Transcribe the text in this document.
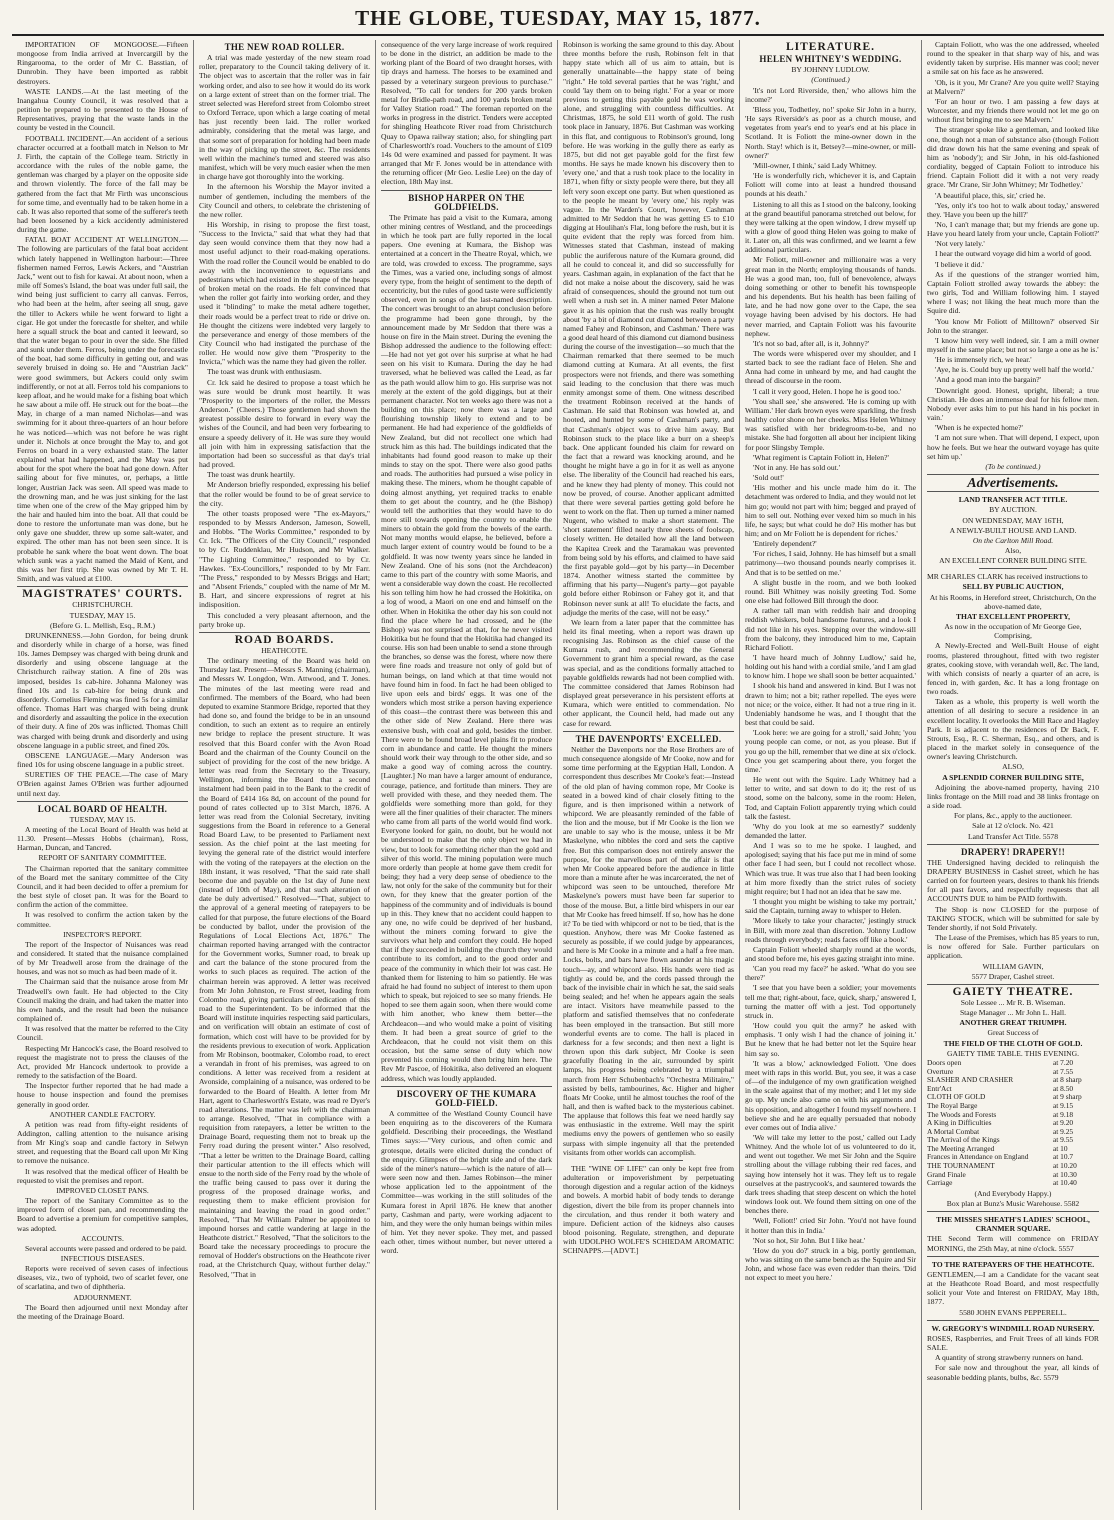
THE GLOBE, TUESDAY, MAY 15, 1877.

IMPORTATION OF MONGOOSE.—Fifteen mongoose from India arrived at Invercargill by the Ringarooma, to the order of Mr C. Basstian, of Dunrobin. They have been imported as rabbit destroyers.

WASTE LANDS.—At the last meeting of the Inangahua County Council, it was resolved that a petition be prepared to be presented to the House of Representatives, praying that the waste lands in the county be vested in the Council.

FOOTBALL INCIDENT.—An accident of a serious character occurred at a football match in Nelson to Mr J. Firth, the captain of the College team. Strictly in accordance with the rules of the noble game, the gentleman was charged by a player on the opposite side and thrown violently. The force of the fall may be gathered from the fact that Mr Firth was unconscious for some time, and eventually had to be taken home in a cab. It was also reported that some of the sufferer's teeth had been loosened by a kick accidently administered during the game.

FATAL BOAT ACCIDENT AT WELLINGTON.—The following are particulars of the fatal boat accident which lately happened in Wellington harbour:—Three fishermen named Ferros, Lewis Ackers, and "Austrian Jack," went out to fish for kawai. At about noon, when a mile off Somes's Island, the boat was under full sail, the wind being just sufficient to carry all canvas. Ferros, who had been at the helm, after seeing all snug, gave the tiller to Ackers while he went forward to light a cigar. He got under the forecastle for shelter, and while here a squall struck the boat and canted it leeward, so that the water began to pour in over the side. She filled and sunk under them. Ferros, being under the forecastle of the boat, had some difficulty in getting out, and was severely bruised in doing so. He and "Austrian Jack" were good swimmers, but Ackers could only swim indifferently, or not at all. Ferros told his companions to keep afloat, and he would make for a fishing boat which he saw about a mile off. He struck out for the boat—the May, in charge of a man named Nicholas—and was swimming for it about three-quarters of an hour before he was noticed—which was not before he was right under it. Nichols at once brought the May to, and got Ferros on board in a very exhausted state. The latter explained what had happened, and the May was put about for the spot where the boat had gone down. After sailing about for five minutes, or, perhaps, a little longer, Austrian Jack was seen. All speed was made to the drowning man, and he was just sinking for the last time when one of the crew of the May gripped him by the hair and hauled him into the boat. All that could be done to restore the unfortunate man was done, but he only gave one shudder, threw up some salt-water, and expired. The other man has not been seen since. It is probable he sank where the boat went down. The boat which sunk was a yacht named the Maid of Kent, and this was her first trip. She was owned by Mr T. H. Smith, and was valued at £100.

MAGISTRATES' COURTS.
CHRISTCHURCH.
TUESDAY, MAY 15.
(Before G. L. Mellish, Esq., R.M.)

DRUNKENNESS.—John Gordon, for being drunk and disorderly while in charge of a horse, was fined 10s. James Dempsey was charged with being drunk and disorderly and using obscene language at the Christchurch railway station. A fine of 20s was imposed, besides 1s cab-hire. Johanna Maloney was fined 10s and 1s cab-hire for being drunk and disorderly. Cornelius Fleming was fined 5s for a similar offence. Thomas Hart was charged with being drunk and disorderly and assaulting the police in the execution of their duty. A fine of 20s was inflicted. Thomas Chill was charged with being drunk and disorderly and using obscene language in a public street, and fined 20s.

OBSCENE LANGUAGE.—Mary Anderson was fined 10s for using obscene language in a public street.

SURETIES OF THE PEACE.—The case of Mary O'Brien against James O'Brien was further adjourned until next day.

LOCAL BOARD OF HEALTH.
TUESDAY, MAY 15.

A meeting of the Local Board of Health was held at 11.30. Present—Messrs Hobbs (chairman), Ross, Harman, Duncan, and Tancred.

REPORT OF SANITARY COMMITTEE.

The Chairman reported that the sanitary committee of the Board met the sanitary committee of the City Council, and it had been decided to offer a premium for the best style of closet pan. It was for the Board to confirm the action of the committee.

It was resolved to confirm the action taken by the committee.

INSPECTOR'S REPORT.

The report of the Inspector of Nuisances was read and considered. It stated that the nuisance complained of by Mr Treadwell arose from the drainage of the houses, and was not so much as had been made of it.

The Chairman said that the nuisance arose from Mr Treadwell's own fault. He had objected to the City Council making the drain, and had taken the matter into his own hands, and the result had been the nuisance complained of.

It was resolved that the matter be referred to the City Council.

Respecting Mr Hancock's case, the Board resolved to request the magistrate not to press the clauses of the Act, provided Mr Hancock undertook to provide a remedy to the satisfaction of the Board.

The Inspector further reported that he had made a house to house inspection and found the premises generally in good order.

ANOTHER CANDLE FACTORY.

A petition was read from fifty-eight residents of Addington, calling attention to the nuisance arising from Mr King's soap and candle factory in Selwyn street, and requesting that the Board call upon Mr King to remove the nuisance.

It was resolved that the medical officer of Health be requested to visit the premises and report.

IMPROVED CLOSET PANS.

The report of the Sanitary Committee as to the improved form of closet pan, and recommending the Board to advertise a premium for competitive samples, was adopted.

ACCOUNTS.

Several accounts were passed and ordered to be paid.

INFECTIOUS DISEASES.

Reports were received of seven cases of infectious diseases, viz., two of typhoid, two of scarlet fever, one of scarlatina, and two of diphtheria.

ADJOURNMENT.

The Board then adjourned until next Monday after the meeting of the Drainage Board.

THE NEW ROAD ROLLER.

A trial was made yesterday of the new steam road roller, preparatory to the Council taking delivery of it. The object was to ascertain that the roller was in fair working order, and also to see how it would do its work on a large extent of street than on the former trial. The street selected was Hereford street from Colombo street to Oxford Terrace, upon which a large coating of metal has just recently been laid. The roller worked admirably, considering that the metal was large, and that some sort of preparation for holding had been made in the way of picking up the street, &c. The residents well within the machine's turned and steered was also manifest, which will be very much easier when the men in charge have got thoroughly into the working.

In the afternoon his Worship the Mayor invited a number of gentlemen, including the members of the City Council and others, to celebrate the christening of the new roller.

His Worship, in rising to propose the first toast, "Success to the Invicta," said that what they had that day seen would convince them that they now had a most useful adjunct to their road-making operations. With the road roller the Council would be enabled to do away with the inconvenience to equestrians and pedestrians which had existed in the shape of the heaps of broken metal on the roads. He felt convinced that when the roller got fairly into working order, and they used it "blinding" to make the metal adhere together, their roads would be a perfect treat to ride or drive on. He thought the citizens were indebted very largely to the perseverance and energy of those members of the City Council who had instigated the purchase of the roller. He would now give them "Prosperity to the Invicta," which was the name they had given the roller.

The toast was drunk with enthusiasm.

Cr. Ick said he desired to propose a toast which he was sure would be drunk most heartily. It was "Prosperity to the importers of the roller, the Messrs Anderson." (Cheers.) Those gentlemen had shown the greatest possible desire to forward in every way the wishes of the Council, and had been very forbearing to ensure a speedy delivery of it. He was sure they would all join with him in expressing satisfaction that the importation had been so successful as that day's trial had proved.

The toast was drunk heartily.

Mr Anderson briefly responded, expressing his belief that the roller would be found to be of great service to the city.

The other toasts proposed were "The ex-Mayors," responded to by Messrs Anderson, Jameson, Sowell, and Hobbs. "The Works Committee," responded to by Cr. Ick. "The Officers of the City Council," responded to by Cr. Ruddenklau, Mr Hudson, and Mr Walker. "The Lighting Committee," responded to by Cr. Hawkes. "Ex-Councillors," responded to by Mr Farr. "The Press," responded to by Messrs Briggs and Hart; and "Absent Friends," coupled with the name of Mr M. B. Hart, and sincere expressions of regret at his indisposition.

This concluded a very pleasant afternoon, and the party broke up.

ROAD BOARDS.
HEATHCOTE.

The ordinary meeting of the Board was held on Thursday last. Present—Messrs S. Manning (chairman), and Messrs W. Longdon, Wm. Attwood, and T. Jones. The minutes of the last meeting were read and confirmed. The members of the Board, who had been deputed to examine Stanmore Bridge, reported that they had done so, and found the bridge to be in an unsound condition, to such an extent as to require an entirely new bridge to replace the present structure. It was resolved that this Board confer with the Avon Road Board and the chairman of the County Council on the subject of providing for the cost of the new bridge. A letter was read from the Secretary to the Treasury, Wellington, informing the Board that a second instalment had been paid in to the Bank to the credit of the Board of £414 16s 8d, on account of the pound for pound of rates collected up to 31st March, 1876. A letter was read from the Colonial Secretary, inviting suggestions from the Board in reference to a General Road Board Law, to be presented to Parliament next session. As the chief point at the last meeting for levying the general rate of the district would interfere with the voting of the ratepayers at the election on the 18th instant, it was resolved, "That the said rate shall become due and payable on the 1st day of June next (instead of 10th of May), and that such alteration of date be duly advertised." Resolved—"That, subject to the approval of a general meeting of ratepayers to be called for that purpose, the future elections of the Board be conducted by ballot, under the provision of the Regulations of Local Elections Act, 1876." The chairman reported having arranged with the contractor for the Government works, Sumner road, to break up and cart the balance of the stone procured from the works to such places as required. The action of the chairman herein was approved. A letter was received from Mr John Johnston, re Frost street, leading from Colombo road, giving particulars of dedication of this road to the Superintendent. To be informed that the Board will institute inquiries respecting said particulars, and on verification will obtain an estimate of cost of formation, which cost will have to be provided for by the residents previous to execution of work. Application from Mr Robinson, bootmaker, Colombo road, to erect a verandah in front of his premises, was agreed to on conditions. A letter was received from a resident at Avonside, complaining of a nuisance, was ordered to be forwarded to the Board of Health. A letter from Mr Hart, agent to Charlesworth's Estate, was read re Dyer's road alterations. The matter was left with the chairman to arrange. Resolved, "That in compliance with a requisition from ratepayers, a letter be written to the Drainage Board, requesting them not to break up the Ferry road during the present winter." Also resolved, "That a letter be written to the Drainage Board, calling their particular attention to the ill effects which will ensue to the north side of the Ferry road by the whole of the traffic being caused to pass over it during the progress of the proposed drainage works, and requesting them to make efficient provision for maintaining and leaving the road in good order." Resolved, "That Mr William Palmer be appointed to impound horses and cattle wandering at large in the Heathcote district." Resolved, "That the solicitors to the Board take the necessary proceedings to procure the removal of Hodder's obstructions on the Heathcote river road, at the Christchurch Quay, without further delay." Resolved, "That in

consequence of the very large increase of work required to be done in the district, an addition be made to the working plant of the Board of two draught horses, with tip drays and harness. The horses to be examined and passed by a veterinary surgeon previous to purchase." Resolved, "To call for tenders for 200 yards broken metal for Bridle-path road, and 100 yards broken metal for Valley Station road." The foreman reported on the works in progress in the district. Tenders were accepted for shingling Heathcote River road from Christchurch Quay to Opawa railway station; also, for shingling part of Charlesworth's road. Vouchers to the amount of £109 14s 0d were examined and passed for payment. It was arranged that Mr F. Jones would be in attendance with the returning officer (Mr Geo. Leslie Lee) on the day of election, 18th May inst.

BISHOP HARPER ON THE GOLDFIELDS.

The Primate has paid a visit to the Kumara, among other mining centres of Westland, and the proceedings in which he took part are fully reported in the local papers. One evening at Kumara, the Bishop was entertained at a concert in the Theatre Royal, which, we are told, was crowded to excess. The programme, says the Times, was a varied one, including songs of almost every type, from the height of sentiment to the depth of eccentricity, but the rules of good taste were sufficiently observed, even in songs of the last-named description. The concert was brought to an abrupt conclusion before the programme had been gone through, by the announcement made by Mr Seddon that there was a house on fire in the Main street. During the evening the Bishop addressed the audience to the following effect:—He had not yet got over his surprise at what he had seen on his visit to Kumara. During the day he had traversed, what he believed was called the Lead, as far as the path would allow him to go. His surprise was not merely at the extent of the gold diggings, but at their permanent character. Not ten weeks ago there was not a building on this place; now there was a large and flourishing township likely to extend and to be permanent. He had had experience of the goldfields of New Zealand, but did not recollect one which had struck him as this had. The buildings indicated that the inhabitants had found good reason to make up their minds to stay on the spot. There were also good paths and roads. The authorities had pursued a wise policy in making these. The miners, whom he thought capable of doing almost anything, yet required tracks to enable them to get about the country, and he (the Bishop) would tell the authorities that they would have to do more still towards opening the country to enable the miners to obtain the gold from the bowels of the earth. Not many months would elapse, he believed, before a much larger extent of country would be found to be a goldfield. It was now twenty years since he landed in New Zealand. One of his sons (not the Archdeacon) came to this part of the country with some Maoris, and went a considerable way down the coast. He recollected his son telling him how he had crossed the Hokitika, on a log of wood, a Maori on one end and himself on the other. When in Hokitika the other day his son could not find the place where he had crossed, and he (the Bishop) was not surprised at that, for he never visited Hokitika but he found that the Hokitika had changed its course. His son had been unable to send a stone through the branches, so dense was the forest, where now there were fine roads and treasure not only of gold but of human beings, on land which at that time would not have found him in food. In fact he had been obliged to live upon eels and birds' eggs. It was one of the wonders which most strike a person having experience of this coast—the contrast there was between this and the other side of New Zealand. Here there was extensive bush, with coal and gold, besides the timber. There were to be found broad level plains fit to produce corn in abundance and cattle. He thought the miners should work their way through to the other side, and so make a good way of coming across the country. [Laughter.] No man have a larger amount of endurance, courage, patience, and fortitude than miners. They are well provided with these, and they needed them. The goldfields were something more than gold, for they were all the finer qualities of their character. The miners who came from all parts of the world would find work. Everyone looked for gain, no doubt, but he would not be understood to make that the only object we had in view, but to look for something richer than the gold and silver of this world. The mining population were much more orderly than people at home gave them credit for being; they had a very deep sense of obedience to the law, not only for the sake of the community but for their own, for they knew that the greater portion of the happiness of the community and of individuals is bound up in this. They knew that no accident could happen to any one, no wife could be deprived of her husband, without the miners coming forward to give the survivors what help and comfort they could. He hoped that if they succeeded in building the church they would contribute to its comfort, and to the good order and peace of the community in which their lot was cast. He thanked them for listening to him so patiently. He was afraid he had found no subject of interest to them upon which to speak, but rejoiced to see so many friends. He hoped to see them again soon, when there would come with him another, who knew them better—the Archdeacon—and who would make a point of visiting them. It had been a great source of grief to the Archdeacon, that he could not visit them on this occasion, but the same sense of duty which now prevented his coming would then bring him here. The Rev Mr Pascoe, of Hokitika, also delivered an eloquent address, which was loudly applauded.

DISCOVERY OF THE KUMARA GOLD-FIELD.

A committee of the Westland County Council have been enquiring as to the discoverers of the Kumara goldfield. Describing their proceedings, the Westland Times says:—"Very curious, and often comic and grotesque, details were elicited during the conduct of the enquiry. Glimpses of the bright side and of the dark side of the miner's nature—which is the nature of all—were seen now and then. James Robinson—the miner whose application led to the appointment of the Committee—was working in the still solitudes of the Kumara forest in April 1876. He knew that another party, Cashman and party, were working adjacent to him, and they were the only human beings within miles of him. Yet they never spoke. They met, and passed each other, times without number, but never uttered a word.

Robinson is working the same ground to this day. About three months before the rush, Robinson felt in that happy state which all of us aim to attain, but is generally unattainable—the happy state of being "right." He told several parties that he was 'right,' and could 'lay them on to being right.' For a year or more previous to getting this payable gold he was working alone, and struggling with countless difficulties. At Christmas, 1875, he sold £11 worth of gold. The rush took place in January, 1876. But Cashman was working in this flat, and contiguous to Robinson's ground, long before. He was working in the gully there as early as 1875, but did not get payable gold for the first few months. He says he made known his discovery then to 'every one,' and that a rush took place to the locality in 1871, when fifty or sixty people were there, but they all left very soon except one party. But when questioned as to the people he meant by 'every one,' his reply was vague. In the Warden's Court, however, Cashman admitted to Mr Seddon that he was getting £5 to £10 digging at Houlihan's Flat, long before the rush, but it is quite evident that the reply was forced from him. Witnesses stated that Cashman, instead of making public the auriferous nature of the Kumara ground, did all he could to conceal it, and did so successfully for years. Cashman again, in explanation of the fact that he did not make a noise about the discovery, said he was afraid of consequences, should the ground not turn out well when a rush set in. A miner named Peter Malone gave it as his opinion that the rush was really brought about 'by a bit of diamond cut diamond between a party named Fahey and Robinson, and Cashman.' There was a good deal heard of this diamond cut diamond business during the course of the investigation—so much that the Chairman remarked that there seemed to be much diamond cutting at Kumara. At all events, the first prospectors were not friends, and there was something said leading to the conclusion that there was much enmity amongst some of them. One witness described the treatment Robinson received at the hands of Cashman. He said that Robinson was howled at, and hooted, and hunted by some of Cashman's party, and that Cashman's object was to drive him away. But Robinson stuck to the place like a burr on a sheep's back. One applicant founded his claim for reward on the fact that a reward was knocking around, and he thought he might have a go in for it as well as anyone else. The liberality of the Council had reached his ears, and he knew they had plenty of money. This could not now be proved, of course. Another applicant admitted that there were several parties getting gold before he went to work on the flat. Then up turned a miner named Nugent, who wished to make a short statement. The 'short statement' filled nearly three sheets of foolscap, closely written. He detailed how all the land between the Kapitea Creek and the Taramakau was prevented from being sold by his efforts, and claimed to have said the first payable gold—got by his party—in December 1874. Another witness started the committee by affirming that his party—Nugent's party—got payable gold before either Robinson or Fahey got it, and that Robinson never sunk at all! To elucidate the facts, and adjudge the merits of the case, will not be easy."

We learn from a later paper that the committee has held its final meeting, when a report was drawn up recognising Jas. Robinson as the chief cause of the Kumara rush, and recommending the General Government to grant him a special reward, as the case was special, and as the conditions formally attached to payable goldfields rewards had not been complied with. The committee considered that James Robinson had displayed great perseverance in his persistent efforts at Kumara, which were entitled to commendation. No other applicant, the Council held, had made out any case for reward.

THE DAVENPORTS' EXCELLED.

Neither the Davenports nor the Rose Brothers are of much consequence alongside of Mr Cooke, now and for some time performing at the Egyptian Hall, London. A correspondent thus describes Mr Cooke's feat:—Instead of the old plan of having common rope, Mr Cooke is seated in a bowed kind of chair closely fitting to the figure, and is then imprisoned within a network of whipcord. We are pleasantly reminded of the fable of the lion and the mouse, but if Mr Cooke is the lion we are unable to say who is the mouse, unless it be Mr Maskelyne, who nibbles the cord and sets the captive free. But this comparison does not entirely answer the purpose, for the marvellous part of the affair is that when Mr Cooke appeared before the audience in little more than a minute after he was incarcerated, the net of whipcord was seen to be untouched, therefore Mr Maskelyne's powers must have been far superior to those of the mouse. But, a little bird whispers in our ear that Mr Cooke has freed himself. If so, how has he done it? To be tied with whipcord or not to be tied, that is the question. Anyhow, there was Mr Cooke fastened as securely as possible, if we could judge by appearances, and here is Mr Cooke in a minute and a half a free man. Locks, bolts, and bars have flown asunder at his magic touch—ay, and whipcord also. His hands were tied as tightly as could be, and the cords passed through the back of the invisible chair in which he sat, the said seals being sealed; and he! when he appears again the seals are intact. Visitors have meanwhile passed to the platform and satisfied themselves that no confederate has been employed in the transaction. But still more wonderful events are to come. The hall is placed in darkness for a few seconds; and then next a light is thrown upon this dark subject, Mr Cooke is seen gracefully floating in the air, surrounded by spirit lamps, his progress being celebrated by a triumphal march from Herr Schubenbach's "Orchestra Militaire," assisted by bells, tambourines, &c. Higher and higher floats Mr Cooke, until he almost touches the roof of the hall, and then is wafted back to the mysterious cabinet. The applause that follows this feat we need hardly say was enthusiastic in the extreme. Well may the spirit mediums envy the powers of gentlemen who so easily surpass with simple ingenuity all that the pretended visitants from other worlds can accomplish.

THE "WINE OF LIFE" can only be kept free from adulteration or impoverishment by perpetuating thorough digestion and a regular action of the kidneys and bowels. A morbid habit of body tends to derange digestion, divert the bile from its proper channels into the circulation, and thus render it both watery and impure. Deficient action of the kidneys also causes blood poisoning. Regulate, strengthen, and depurate with UDOLPHO WOLFE'S SCHIEDAM AROMATIC SCHNAPPS.—[ADVT.]

LITERATURE.
HELEN WHITNEY'S WEDDING.
BY JOHNNY LUDLOW.
(Continued.)

'It's not Lord Riverside, then,' who allows him the income?'

'Bless you, Todhetley, no!' spoke Sir John in a hurry, 'He says Riverside's as poor as a church mouse, and vegetates from year's end to year's end at his place in Scotland. It is Foliott the mine-owner down in the North. Stay! which is it, Betsey?—mine-owner, or mill-owner?'

'Mill-owner, I think,' said Lady Whitney.

'He is wonderfully rich, whichever it is, and Captain Foliott will come into at least a hundred thousand pounds at his death.'

Listening to all this as I stood on the balcony, looking at the grand beautiful panorama stretched out below, for they were talking at the open window, I drew myself up with a glow of good thing Helen was going to make of it. Later on, all this was confirmed, and we learnt a few additional particulars.

Mr Foliott, mill-owner and millionaire was a very great man in the North; employing thousands of hands. He was a good man, too, full of benevolence, always doing something or other to benefit his townspeople and his dependents. But his health has been failing of late, and he had now gone over to the Cape, the sea voyage having been advised by his doctors. He had never married, and Captain Foliott was his favourite nephew.

'It's not so bad, after all, is it, Johnny?'

The words were whispered over my shoulder, and I started back to see the radiant face of Helen. She and Anna had come in unheard by me, and had caught the thread of discourse in the room.

'I call it very good, Helen. I hope he is good too.'

'You shall see,' she answered. 'He is coming up with William.' Her dark brown eyes were sparkling, the fresh healthy color shone on her cheeks. Miss Helen Whitney was satisfied with her bridegroom-to-be, and no mistake. She had forgotten all about her incipient liking for poor Slingsby Temple.

'What regiment is Captain Foliott in, Helen?'

'Not in any. He has sold out.'

'Sold out!'

'His mother and his uncle made him do it. The detachment was ordered to India, and they would not let him go; would not part with him; begged and prayed of him to sell out. Nothing ever vexed him so much in his life, he says; but what could he do? His mother has but him; and on Mr Foliott he is dependent for riches.'

'Entirely dependent?'

'For riches, I said, Johnny. He has himself but a small patrimony—two thousand pounds nearly comprises it. And that is to be settled on me.'

A slight bustle in the room, and we both looked round. Bill Whitney was noisily greeting Tod. Some one else had followed Bill through the door.

A rather tall man with reddish hair and drooping reddish whiskers, bold handsome features, and a look I did not like in his eyes. Stepping over the window-sill from the balcony, they introduced him to me, Captain Richard Foliott.

'I have heard much of Johnny Ludlow,' said he, holding out his hand with a cordial smile, 'and I am glad to know him. I hope we shall soon be better acquainted.'

I shook his hand and answered in kind. But I was not drawn to him; not a bit; rather repelled. The eyes were not nice; or the voice, either. It had not a true ring in it. Undeniably handsome he was, and I thought that the best that could be said.

'Look here: we are going for a stroll,' said John; 'you young people can come, or not, as you please. But if you go up the hill, remember that we dine at six o'clock. Once you get scampering about there, you forget the time.'

He went out with the Squire. Lady Whitney had a letter to write, and sat down to do it; the rest of us stood, some on the balcony, some in the room: Helen, Tod, and Captain Foliott apparently trying which could talk the fastest.

'Why do you look at me so earnestly?' suddenly demanded the latter.

And I was so to me he spoke. I laughed, and apologised; saying that his face put me in mind of some other face I had seen, but I could not recollect whose. Which was true. It was true also that I had been looking at him more fixedly than the strict rules of society might require; but I had not an idea that he saw me.

'I thought you might be wishing to take my portrait,' said the Captain, turning away to whisper to Helen.

'More likely to take your character,' jestingly struck in Bill, with more zeal than discretion. 'Johnny Ludlow reads through everybody; reads faces off like a book.'

Captain Foliott wheeled sharply round at the words, and stood before me, his eyes gazing straight into mine.

'Can you read my face?' he asked. 'What do you see there?'

'I see that you have been a soldier; your movements tell me that; right-about, face, quick, sharp,' answered I, turning the matter off with a jest. Tod opportunely struck in.

'How could you quit the army?' he asked with emphasis. 'I only wish I had the chance of joining it.' But he knew that he had better not let the Squire hear him say so.

'It was a blow,' acknowledged Foliott. 'One does meet with raps in this world. But, you see, it was a case of—of the indulgence of my own gratification weighed in the scale against that of my mother; and I let my side go up. My uncle also came on with his arguments and his opposition, and altogether I found myself nowhere. I believe she and he are equally persuaded that nobody ever comes out of India alive.'

'We will take my letter to the post,' called out Lady Whitney. And the whole lot of us volunteered to do it, and went out together. We met Sir John and the Squire strolling about the village rubbing their red faces, and saying how intensely hot it was. They left us to regale ourselves at the pastrycook's, and sauntered towards the dark trees shading that steep descent on which the hotel windows look out. We found them sitting on one of the benches there.

'Well, Foliott!' cried Sir John. 'You'd not have found it hotter than this in India.'

'Not so hot, Sir John. But I like heat.'

'How do you do?' struck in a big, portly gentleman, who was sitting on the same bench as the Squire and Sir John, and whose face was even redder than theirs. 'Did not expect to meet you here.'

Captain Foliott, who was the one addressed, wheeled round to the speaker in that sharp way of his, and was evidently taken by surprise. His manner was cool; never a smile sat on his face as he answered.

'Oh, is it you, Mr Crane? Are you quite well? Staying at Malvern?'

'For an hour or two. I am passing a few days at Worcester, and my friends there would not let me go on without first bringing me to see Malvern.'

The stranger spoke like a gentleman, and looked like one, though not a man of substance also (though Foliott did draw down his hat the same evening and speak of him as 'nobody'); and Sir John, in his old-fashioned cordiality, begged of Captain Foliott to introduce his friend. Captain Foliott did it with a not very ready grace. 'Mr Crane, Sir John Whitney; Mr Todhetley.'

'A beautiful place, this, sir,' cried he.

'Yes, only it's too hot to walk about today,' answered they. 'Have you been up the hill?'

'No, I can't manage that; but my friends are gone up. Have you heard lately from your uncle, Captain Foliott?'

'Not very lately.'

I hear the outward voyage did him a world of good.

'I believe it did.'

As if the questions of the stranger worried him, Captain Foliott strolled away towards the abbey: the two girls, Tod and William following him. I stayed where I was; not liking the heat much more than the Squire did.

'You know Mr Foliott of Milltown?' observed Sir John to the stranger.

'I know him very well indeed, sir. I am a mill owner myself in the same place; but not so large a one as he is.'

'He is immensely rich, we hear.'

'Aye, he is. Could buy up pretty well half the world.'

'And a good man into the bargain?'

'Downright good. Honest, upright, liberal; a true Christian. He does an immense deal for his fellow men. Nobody ever asks him to put his hand in his pocket in vain.'

'When is he expected home?'

'I am not sure when. That will depend, I expect, upon how he feels. But we hear the outward voyage has quite set him up.'

(To be continued.)
Advertisements.
LAND TRANSFER ACT TITLE.
BY AUCTION.
ON WEDNESDAY, MAY 16TH,
A NEWLY-BUILT HOUSE AND LAND.
On the Carlton Mill Road.
Also,
AN EXCELLENT CORNER BUILDING SITE.

MR CHARLES CLARK has received instructions to

SELL BY PUBLIC AUCTION,
At his Rooms, in Hereford street, Christchurch, On the above-named date,
THAT EXCELLENT PROPERTY,
As now in the occupation of Mr George Gee, Comprising,

A Newly-Erected and Well-Built House of eight rooms, plastered throughout, fitted with two register grates, cooking stove, with verandah well, &c. The land, with which consists of nearly a quarter of an acre, is fenced in, with garden, &c. It has a long frontage on two roads.

Taken as a whole, this property is well worth the attention of all desiring to secure a residence in an excellent locality. It overlooks the Mill Race and Hagley Park. It is adjacent to the residences of Dr Back, F. Strouts, Esq., R. C. Sherman, Esq., and others, and is placed in the market solely in consequence of the owner's leaving Christchurch.

ALSO,
A SPLENDID CORNER BUILDING SITE,

Adjoining the above-named property, having 210 links frontage on the Mill road and 38 links frontage on a side road.

For plans, &c., apply to the auctioneer.
Sale at 12 o'clock. No. 421
Land Transfer Act Title. 5578
DRAPERY! DRAPERY!!

THE Undersigned having decided to relinquish the DRAPERY BUSINESS in Cashel street, which he has carried on for fourteen years, desires to thank his friends for all past favors, and respectfully requests that all ACCOUNTS DUE to him be PAID forthwith.

The Shop is now CLOSED for the purpose of TAKING STOCK, which will be submitted for sale by Tender shortly, if not Sold Privately.

The Lease of the Premises, which has 85 years to run, is now offered for Sale. Further particulars on application.

WILLIAM GAVIN,
5577 Draper, Cashel street.
GAIETY THEATRE.
Sole Lessee ... Mr R. B. Wiseman.
Stage Manager ... Mr John L. Hall.
ANOTHER GREAT TRIUMPH.
Great Success of
THE FIELD OF THE CLOTH OF GOLD.
GAIETY TIME TABLE. THIS EVENING.
Doors open	at 7.20
Overture	at 7.55
SLASHER AND CRASHER	at 8 sharp
Entr'Act	at 8.50
CLOTH OF GOLD	at 9 sharp
The Royal Barge	at 9.15
The Woods and Forests	at 9.18
A King in Difficulties	at 9.20
A Mortal Combat	at 9.25
The Arrival of the Kings	at 9.55
The Meeting Arranged	at 10
Frances in Attendance on England	at 10.7
THE TOURNAMENT	at 10.20
Grand Finale	at 10.30
Carriage	at 10.40
(And Everybody Happy.)
Box plan at Bunz's Music Warehouse. 5582
THE MISSES SHEATH'S LADIES' SCHOOL, CRANMER SQUARE.

THE Second Term will commence on FRIDAY MORNING, the 25th May, at nine o'clock. 5557

TO THE RATEPAYERS OF THE HEATHCOTE.

GENTLEMEN,—I am a Candidate for the vacant seat at the Heathcote Road Board, and most respectfully solicit your Vote and Interest on FRIDAY, May 18th, 1877.

5580 JOHN EVANS PEPPERELL.
W. GREGORY'S WINDMILL ROAD NURSERY.

ROSES, Raspberries, and Fruit Trees of all kinds FOR SALE.

A quantity of strong strawberry runners on hand.

For sale now and throughout the year, all kinds of seasonable bedding plants, bulbs, &c. 5579
